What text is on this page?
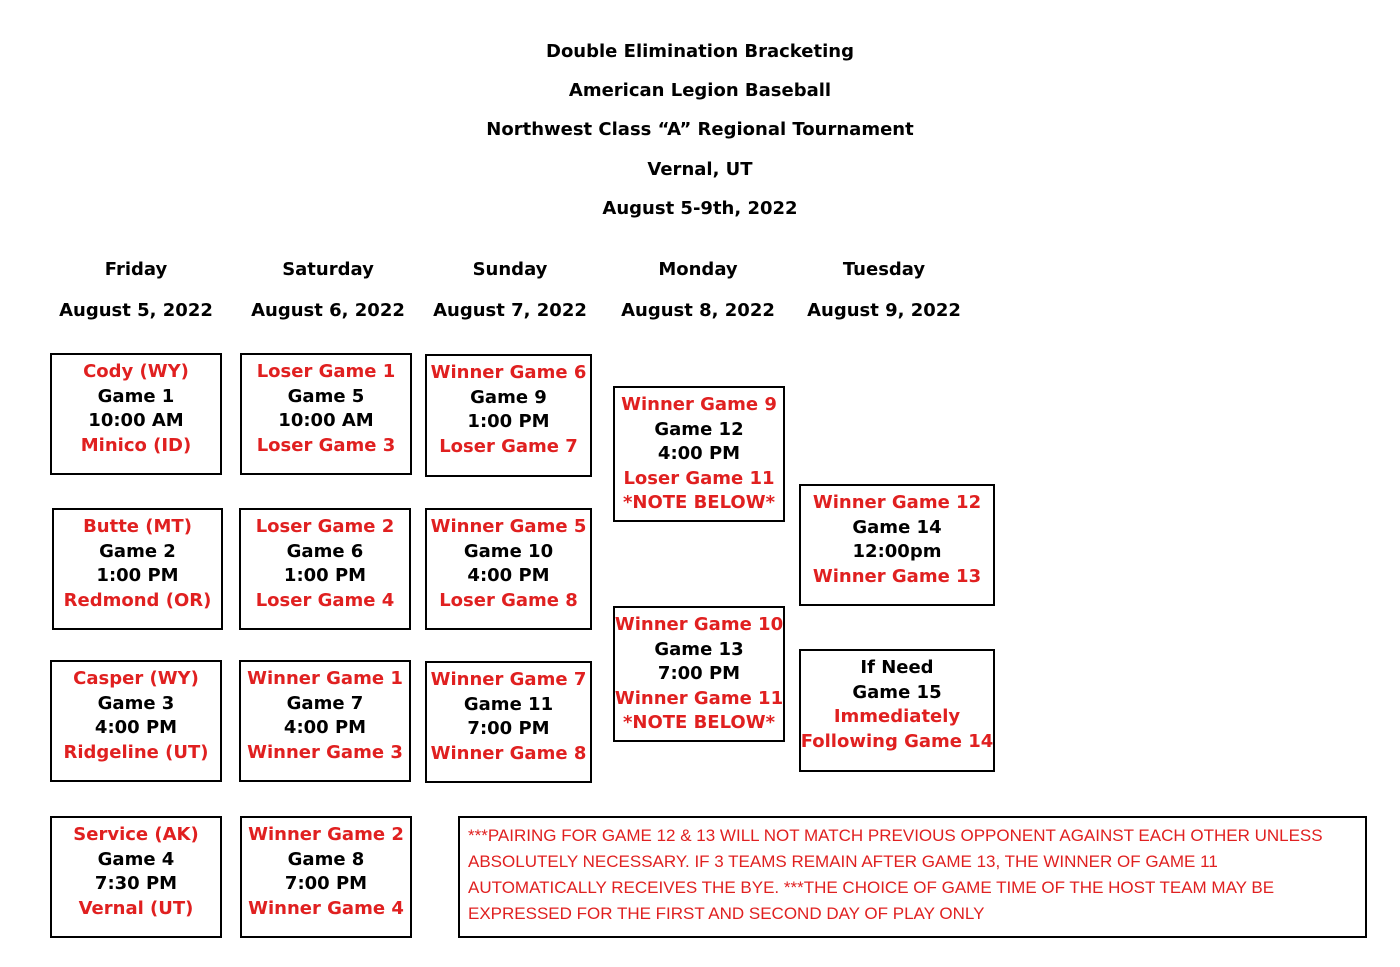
Double Elimination Bracketing
American Legion Baseball
Northwest Class “A” Regional Tournament
Vernal, UT
August 5-9th, 2022
Friday
August 5, 2022
Saturday
August 6, 2022
Sunday
August 7, 2022
Monday
August 8, 2022
Tuesday
August 9, 2022
Cody (WY)
Game 1
10:00 AM
Minico (ID)
Butte (MT)
Game 2
1:00 PM
Redmond (OR)
Casper (WY)
Game 3
4:00 PM
Ridgeline (UT)
Service (AK)
Game 4
7:30 PM
Vernal (UT)
Loser Game 1
Game 5
10:00 AM
Loser Game 3
Loser Game 2
Game 6
1:00 PM
Loser Game 4
Winner Game 1
Game 7
4:00 PM
Winner Game 3
Winner Game 2
Game 8
7:00 PM
Winner Game 4
Winner Game 6
Game 9
1:00 PM
Loser Game 7
Winner Game 5
Game 10
4:00 PM
Loser Game 8
Winner Game 7
Game 11
7:00 PM
Winner Game 8
Winner Game 9
Game 12
4:00 PM
Loser Game 11
*NOTE BELOW*
Winner Game 10
Game 13
7:00 PM
Winner Game 11
*NOTE BELOW*
Winner Game 12
Game 14
12:00pm
Winner Game 13
If Need
Game 15
Immediately
Following Game 14
***PAIRING FOR GAME 12 & 13 WILL NOT MATCH PREVIOUS OPPONENT AGAINST EACH OTHER UNLESS
ABSOLUTELY NECESSARY. IF 3 TEAMS REMAIN AFTER GAME 13, THE WINNER OF GAME 11
AUTOMATICALLY RECEIVES THE BYE. ***THE CHOICE OF GAME TIME OF THE HOST TEAM MAY BE
EXPRESSED FOR THE FIRST AND SECOND DAY OF PLAY ONLY
